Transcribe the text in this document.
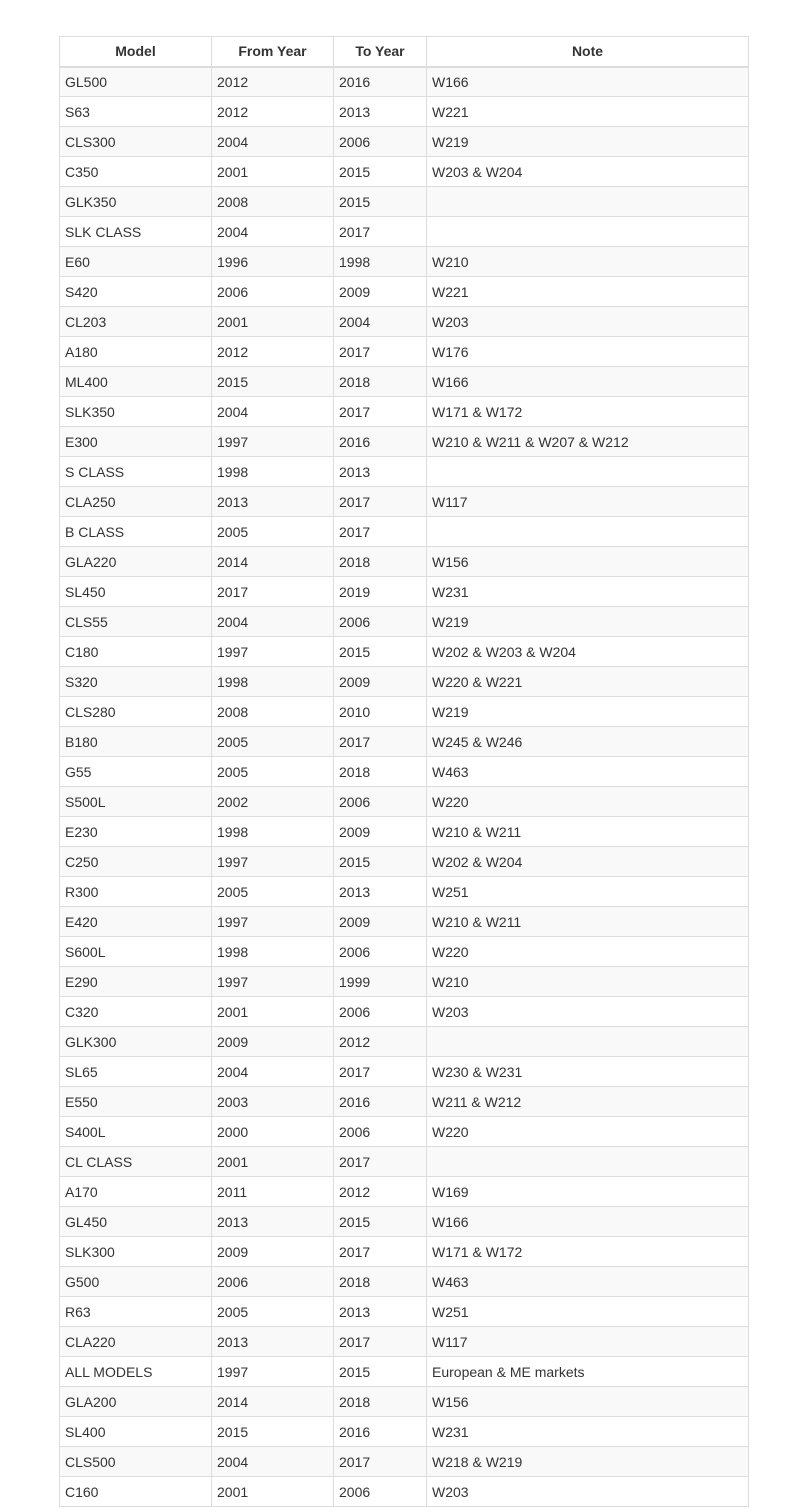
Model	From Year	To Year	Note
GL500	2012	2016	W166
S63	2012	2013	W221
CLS300	2004	2006	W219
C350	2001	2015	W203 & W204
GLK350	2008	2015	
SLK CLASS	2004	2017	
E60	1996	1998	W210
S420	2006	2009	W221
CL203	2001	2004	W203
A180	2012	2017	W176
ML400	2015	2018	W166
SLK350	2004	2017	W171 & W172
E300	1997	2016	W210 & W211 & W207 & W212
S CLASS	1998	2013	
CLA250	2013	2017	W117
B CLASS	2005	2017	
GLA220	2014	2018	W156
SL450	2017	2019	W231
CLS55	2004	2006	W219
C180	1997	2015	W202 & W203 & W204
S320	1998	2009	W220 & W221
CLS280	2008	2010	W219
B180	2005	2017	W245 & W246
G55	2005	2018	W463
S500L	2002	2006	W220
E230	1998	2009	W210 & W211
C250	1997	2015	W202 & W204
R300	2005	2013	W251
E420	1997	2009	W210 & W211
S600L	1998	2006	W220
E290	1997	1999	W210
C320	2001	2006	W203
GLK300	2009	2012	
SL65	2004	2017	W230 & W231
E550	2003	2016	W211 & W212
S400L	2000	2006	W220
CL CLASS	2001	2017	
A170	2011	2012	W169
GL450	2013	2015	W166
SLK300	2009	2017	W171 & W172
G500	2006	2018	W463
R63	2005	2013	W251
CLA220	2013	2017	W117
ALL MODELS	1997	2015	European & ME markets
GLA200	2014	2018	W156
SL400	2015	2016	W231
CLS500	2004	2017	W218 & W219
C160	2001	2006	W203
